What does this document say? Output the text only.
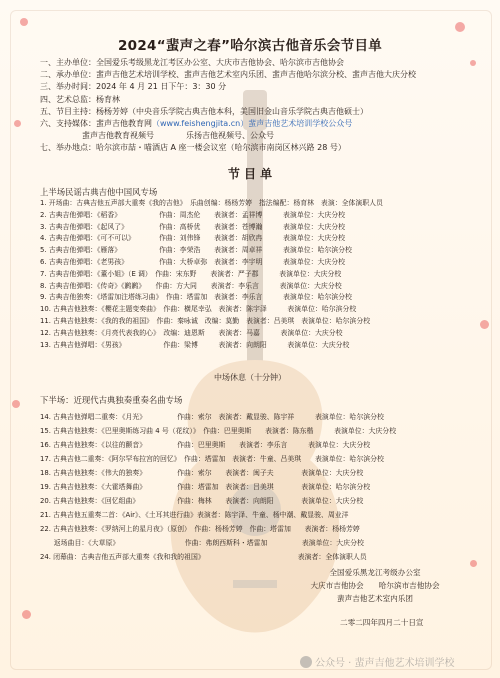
2024“蜚声之春”哈尔滨古他音乐会节目单
一、主办单位：全国爱乐考级黑龙江考区办公室、大庆市吉他协会、哈尔滨市吉他协会
二、承办单位：蜚声吉他艺术培训学校、蜚声吉他艺术室内乐团、蜚声吉他哈尔滨分校、蜚声吉他大庆分校
三、举办时间：2024 年 4 月 21 日下午：3：30 分
四、艺术总监：杨育林
五、节目主持：杨杨芳婷（中央音乐学院古典吉他本科，美国旧金山音乐学院古典吉他硕士）
六、支持媒体：蜚声吉他教育网（www.feishengjita.cn）蜚声吉他艺术培训学校公众号
蜚声吉他教育视频号　　　　乐扬吉他视频号、公众号
七、举办地点：哈尔滨市喆・喵酒店 A 座一楼会议室（哈尔滨市南岗区林兴路 28 号）
节 目 单
上半场民谣古典吉他中国风专场
1. 开场曲：古典吉他五声部大重奏《我的吉他》　乐曲创编：杨杨芳婷　指法编配：杨育林　表演：全体演职人员
2. 古典吉他弹唱：《稻香》　　　　　　作曲：周杰伦　　表演者：孟祥博　　　表演单位：大庆分校
3. 古典吉他弹唱：《起风了》　　　　　作曲：高桥优　　表演者：苍博瀚　　　表演单位：大庆分校
4. 古典吉他弹唱：《可不可以》　　　　作曲：刘伟锋　　表演者：胡欣冉　　　表演单位：大庆分校
5. 古典吉他弹唱：《雁落》　　　　　　作曲：李荣浩　　表演者：周卓祥　　　表演单位：哈尔滨分校
6. 古典吉他弹唱：《老男孩》　　　　　作曲：大桥卓弥　表演者：李宇明　　　表演单位：大庆分校
7. 古典吉他弹唱：《董小姐》（E 调）　作曲：宋东野　　表演者：严子郡　　　表演单位：大庆分校
8. 古典吉他弹唱：《传奇》《鹣鹣》　　作曲：方大同　　表演者：李乐言　　　表演单位：大庆分校
9. 古典吉他独奏：《塔雷加注塔练习曲》　作曲：塔雷加　表演者：李乐言　　　表演单位：哈尔滨分校
10. 古典吉他独奏：《櫻花主题变奏曲》　作曲：横尾幸弘　表演者：陈宇泽　　　表演单位：哈尔滨分校
11. 古典吉他独奏：《我的我的祖国》　作曲：秦咏诚　改编：莫勤　表演者：吕美琪　表演单位：哈尔滨分校
12. 古典吉他独奏：《月亮代表我的心》　改编：迪恩斯　　表演者：马嘉　　　表演单位：大庆分校
13. 古典吉他弹唱：《男孩》　　　　　　作曲：梁博　　　表演者：向朗阳　　　表演单位：大庆分校
中场休息（十分钟）
下半场：近现代古典独奏重奏名曲专场
14. 古典吉他弹唱二重奏：《月光》　　　　　作曲：索尔　表演者：戴显骏、陈宇祥　　　表演单位：哈尔滨分校
15. 古典吉他独奏：《巴里奥斯练习曲 4 号（花纹）》　作曲：巴里奥斯　　表演者：陈东楷　　　表演单位：大庆分校
16. 古典吉他独奏：《以往的颤音》　　　　　作曲：巴里奥斯　　表演者：李乐言　　　表演单位：大庆分校
17. 古典吉他二重奏：《阿尔罕布拉宫的回忆》　作曲：塔雷加　表演者：牛童、吕美琪　　表演单位：哈尔滨分校
18. 古典吉他独奏：《伟大的独奏》　　　　　作曲：索尔　　表演者：闽子夫　　　　表演单位：大庆分校
19. 古典吉他独奏：《大霍塔舞曲》　　　　　作曲：塔雷加　表演者：吕美琪　　　　表演单位：哈尔滨分校
20. 古典吉他独奏：《回忆组曲》　　　　　　作曲：梅林　　表演者：向朗阳　　　　表演单位：大庆分校
21. 古典吉他五重奏二首：《Air》、《土耳其进行曲》表演者：陈宇泽、牛童、杨中潮、戴显骏、周业洋
22. 古典吉他独奏：《罗纳河上的星月夜》（原创）　作曲：杨杨芳婷　作曲：塔雷加　　表演者：杨杨芳婷
　　返场曲目：《大草原》　　　　　　　　　　作曲：弗朗西斯科・塔雷加　　　　　表演单位：大庆分校
24. 闭幕曲：古典吉他五声部大重奏《我和我的祖国》　　　　　　　　　　　　　　表演者：全体演职人员
全国爱乐黑龙江考级办公室
大庆市吉他协会　　哈尔滨市吉他协会
蜚声吉他艺术室内乐团
二零二四年四月二十日宣
公众号 · 蜚声吉他艺术培训学校
